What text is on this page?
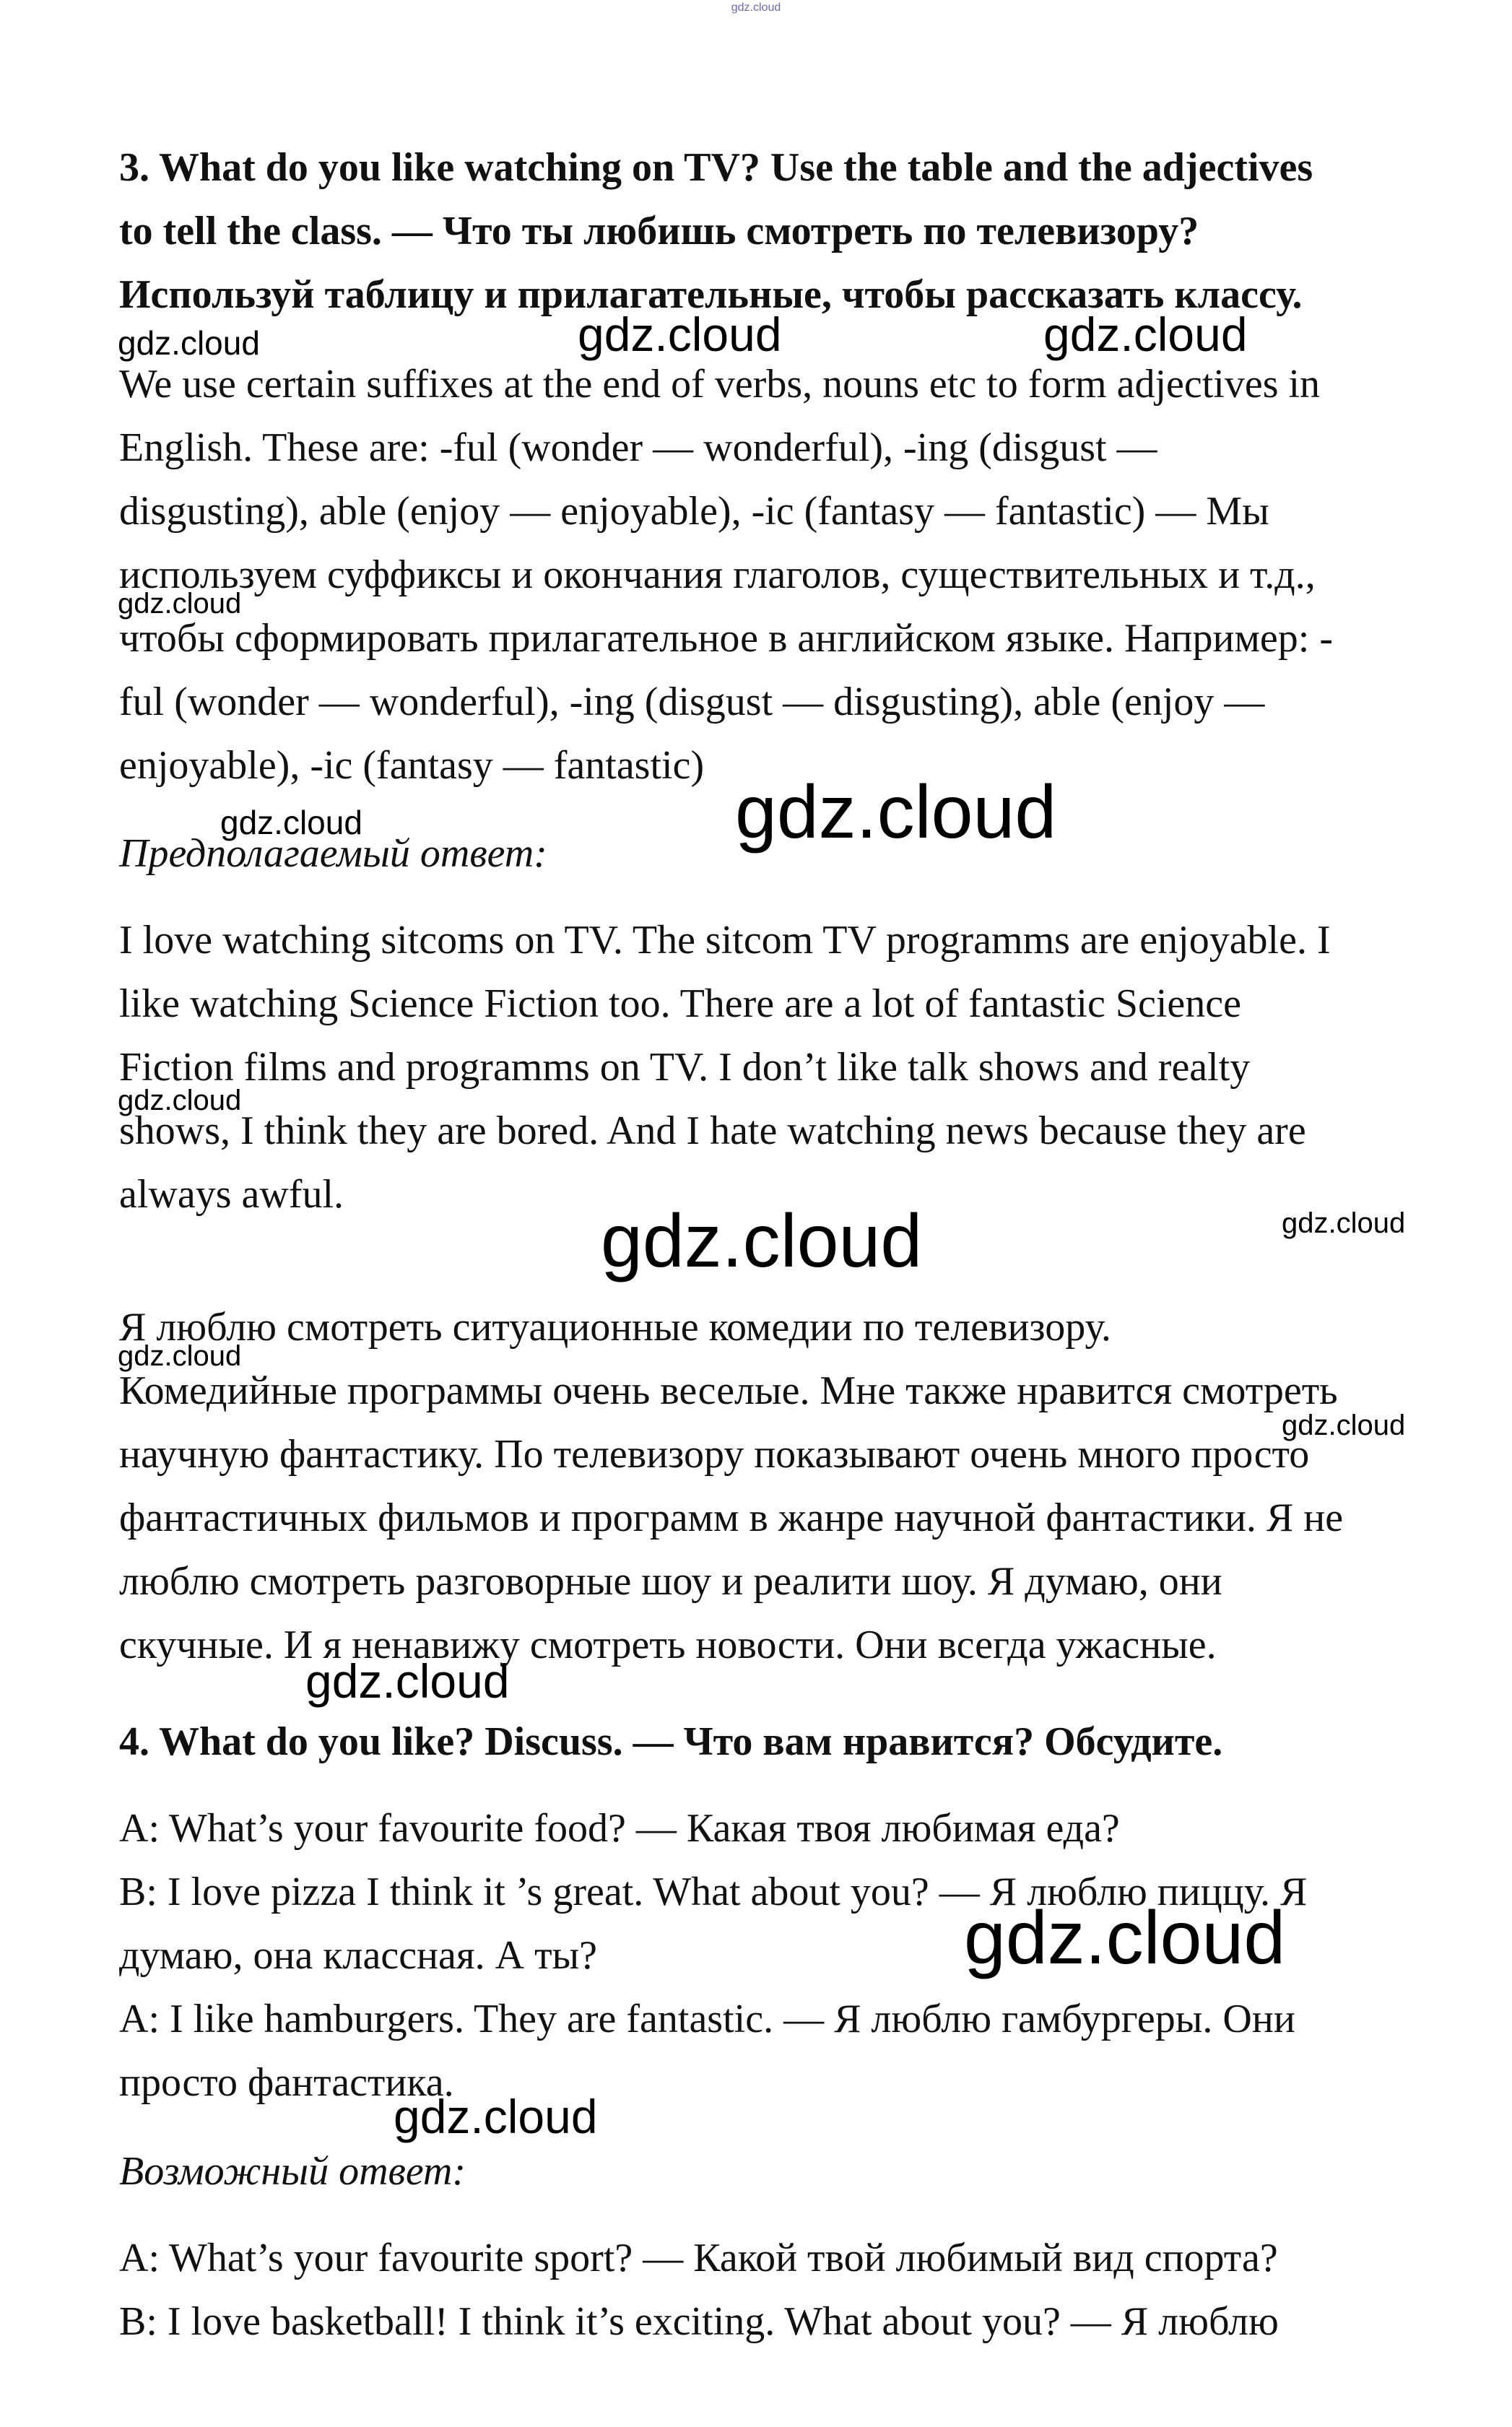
gdz.cloud
3. What do you like watching on TV? Use the table and the adjectives
to tell the class. — Что ты любишь смотреть по телевизору?
Используй таблицу и прилагательные, чтобы рассказать классу.
We use certain suffixes at the end of verbs, nouns etc to form adjectives in
English. These are: -ful (wonder — wonderful), -ing (disgust —
disgusting), able (enjoy — enjoyable), -ic (fantasy — fantastic) — Мы
используем суффиксы и окончания глаголов, существительных и т.д.,
чтобы сформировать прилагательное в английском языке. Например: -
ful (wonder — wonderful), -ing (disgust — disgusting), able (enjoy —
enjoyable), -ic (fantasy — fantastic)
Предполагаемый ответ:
I love watching sitcoms on TV. The sitcom TV programms are enjoyable. I
like watching Science Fiction too. There are a lot of fantastic Science
Fiction films and programms on TV. I don’t like talk shows and realty
shows, I think they are bored. And I hate watching news because they are
always awful.
Я люблю смотреть ситуационные комедии по телевизору.
Комедийные программы очень веселые. Мне также нравится смотреть
научную фантастику. По телевизору показывают очень много просто
фантастичных фильмов и программ в жанре научной фантастики. Я не
люблю смотреть разговорные шоу и реалити шоу. Я думаю, они
скучные. И я ненавижу смотреть новости. Они всегда ужасные.
4. What do you like? Discuss. — Что вам нравится? Обсудите.
A: What’s your favourite food? — Какая твоя любимая еда?
B: I love pizza I think it ’s great. What about you? — Я люблю пиццу. Я
думаю, она классная. А ты?
A: I like hamburgers. They are fantastic. — Я люблю гамбургеры. Они
просто фантастика.
Возможный ответ:
A: What’s your favourite sport? — Какой твой любимый вид спорта?
B: I love basketball! I think it’s exciting. What about you? — Я люблю
gdz.cloud	gdz.cloud	gdz.cloud
gdz.cloud
gdz.cloud	gdz.cloud
gdz.cloud
gdz.cloud	gdz.cloud
gdz.cloud
gdz.cloud
gdz.cloud
gdz.cloud
gdz.cloud
